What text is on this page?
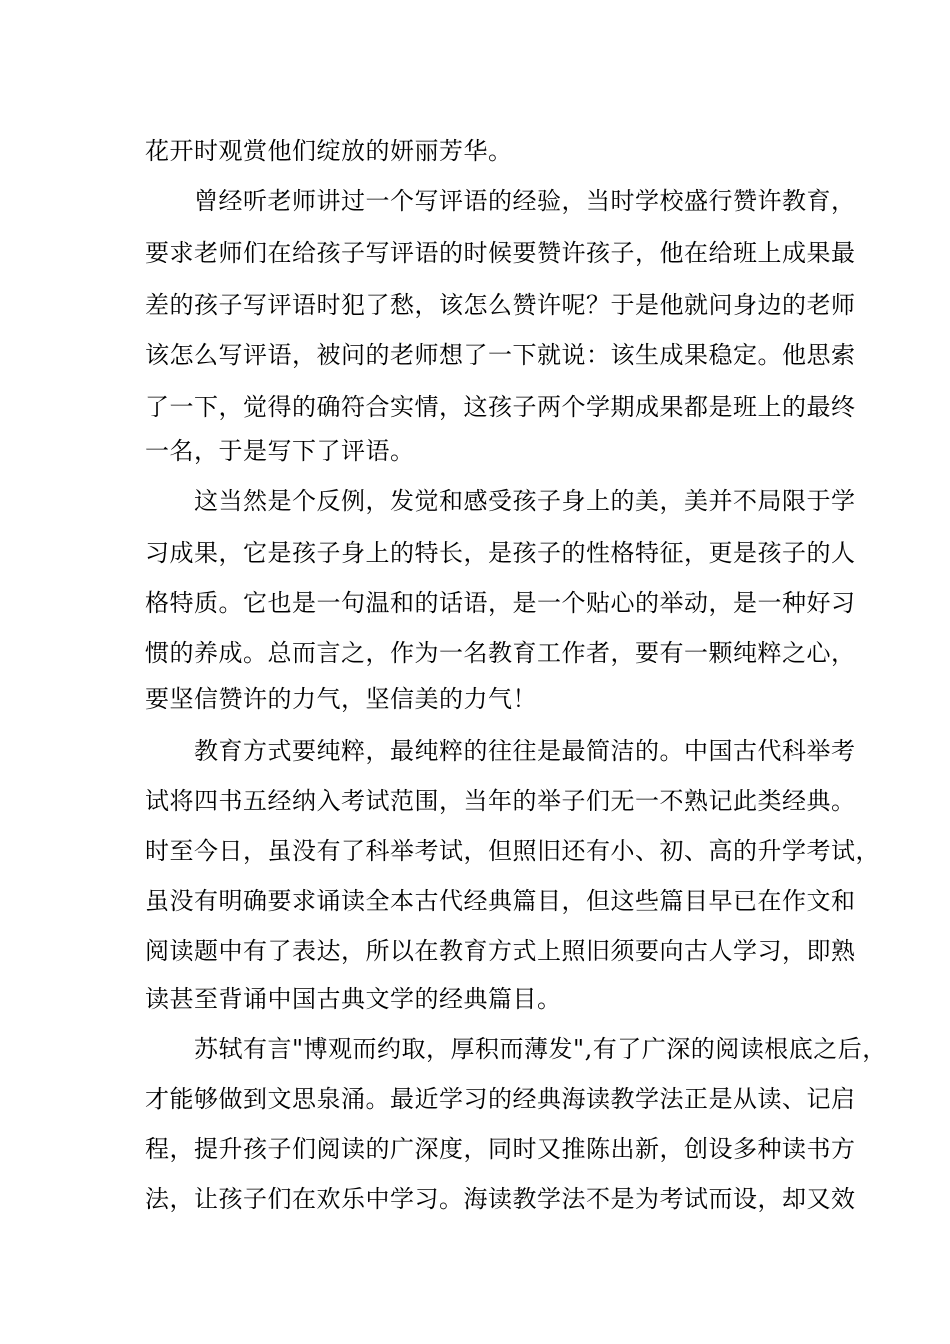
花开时观赏他们绽放的妍丽芳华。
　　曾经听老师讲过一个写评语的经验，当时学校盛行赞许教育，
要求老师们在给孩子写评语的时候要赞许孩子，他在给班上成果最
差的孩子写评语时犯了愁，该怎么赞许呢？于是他就问身边的老师
该怎么写评语，被问的老师想了一下就说：该生成果稳定。他思索
了一下，觉得的确符合实情，这孩子两个学期成果都是班上的最终
一名，于是写下了评语。
　　这当然是个反例，发觉和感受孩子身上的美，美并不局限于学
习成果，它是孩子身上的特长，是孩子的性格特征，更是孩子的人
格特质。它也是一句温和的话语，是一个贴心的举动，是一种好习
惯的养成。总而言之，作为一名教育工作者，要有一颗纯粹之心，
要坚信赞许的力气，坚信美的力气！
　　教育方式要纯粹，最纯粹的往往是最简洁的。中国古代科举考
试将四书五经纳入考试范围，当年的举子们无一不熟记此类经典。
时至今日，虽没有了科举考试，但照旧还有小、初、高的升学考试，
虽没有明确要求诵读全本古代经典篇目，但这些篇目早已在作文和
阅读题中有了表达，所以在教育方式上照旧须要向古人学习，即熟
读甚至背诵中国古典文学的经典篇目。
　　苏轼有言"博观而约取，厚积而薄发",有了广深的阅读根底之后，
才能够做到文思泉涌。最近学习的经典海读教学法正是从读、记启
程，提升孩子们阅读的广深度，同时又推陈出新，创设多种读书方
法，让孩子们在欢乐中学习。海读教学法不是为考试而设，却又效
